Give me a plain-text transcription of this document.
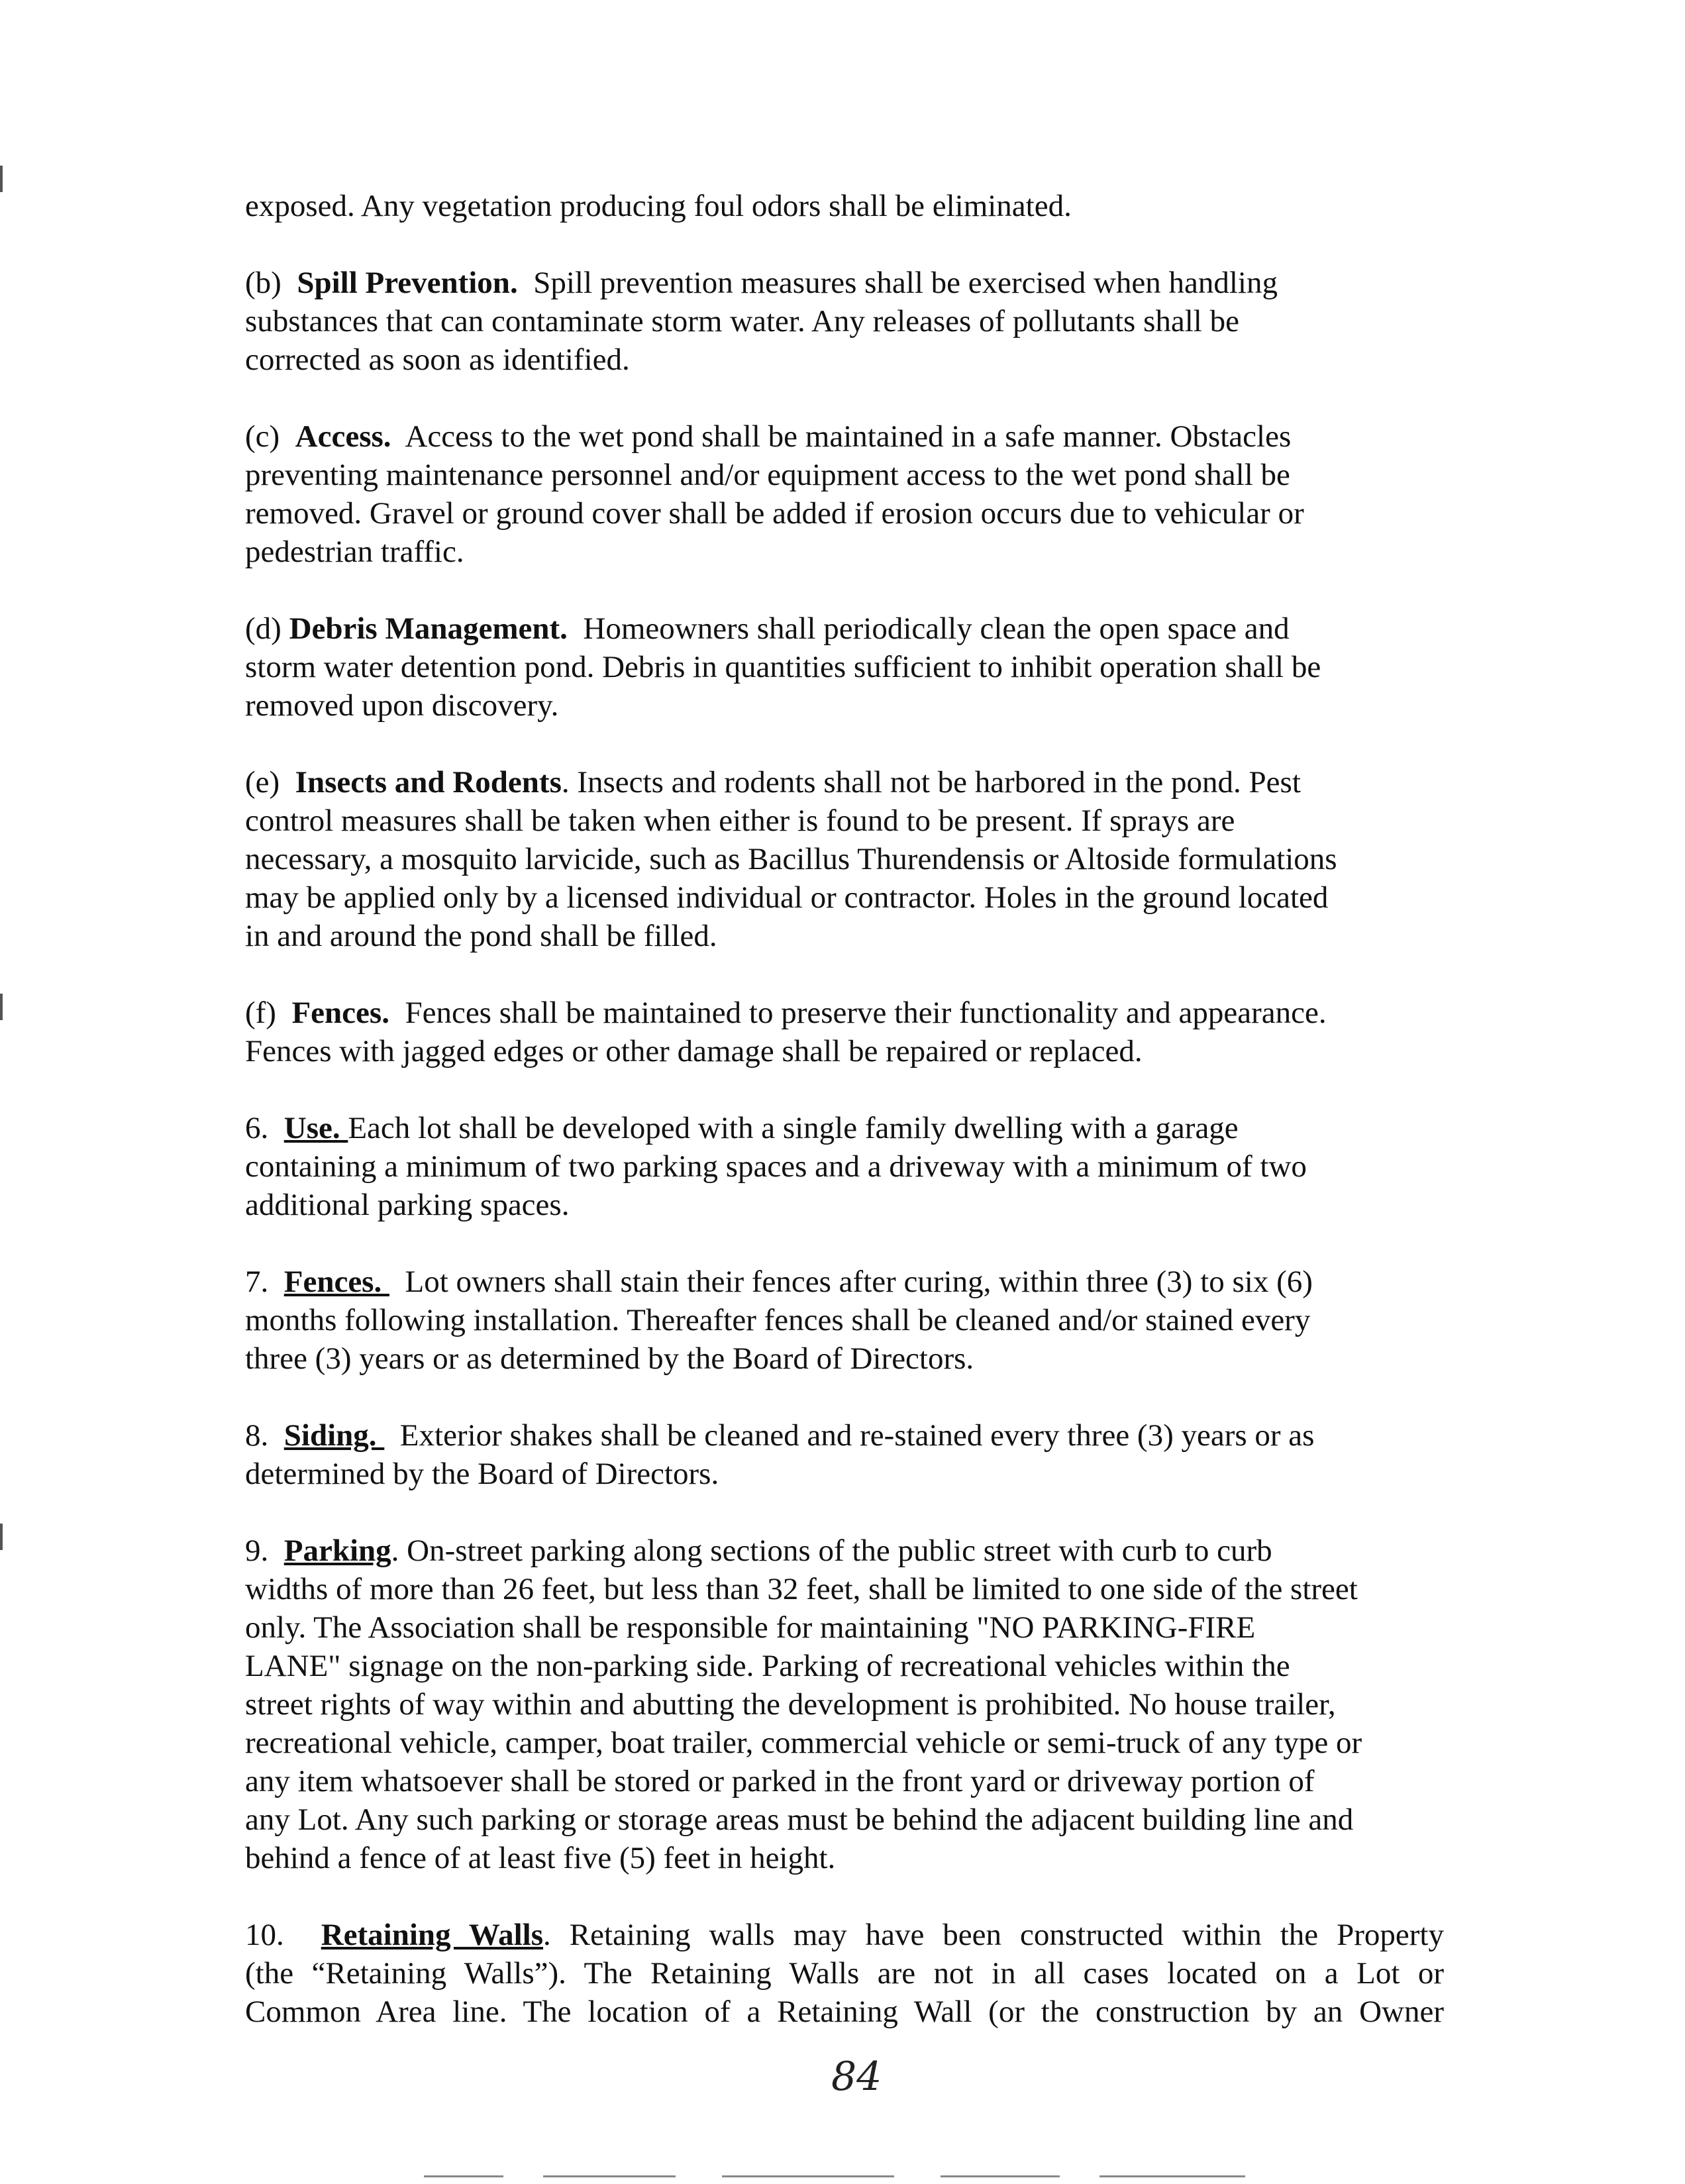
exposed. Any vegetation producing foul odors shall be eliminated.

(b) Spill Prevention. Spill prevention measures shall be exercised when handling
substances that can contaminate storm water. Any releases of pollutants shall be
corrected as soon as identified.

(c) Access. Access to the wet pond shall be maintained in a safe manner. Obstacles
preventing maintenance personnel and/or equipment access to the wet pond shall be
removed. Gravel or ground cover shall be added if erosion occurs due to vehicular or
pedestrian traffic.

(d) Debris Management. Homeowners shall periodically clean the open space and
storm water detention pond. Debris in quantities sufficient to inhibit operation shall be
removed upon discovery.

(e) Insects and Rodents. Insects and rodents shall not be harbored in the pond. Pest
control measures shall be taken when either is found to be present. If sprays are
necessary, a mosquito larvicide, such as Bacillus Thurendensis or Altoside formulations
may be applied only by a licensed individual or contractor. Holes in the ground located
in and around the pond shall be filled.

(f) Fences. Fences shall be maintained to preserve their functionality and appearance.
Fences with jagged edges or other damage shall be repaired or replaced.

6. Use. Each lot shall be developed with a single family dwelling with a garage
containing a minimum of two parking spaces and a driveway with a minimum of two
additional parking spaces.

7. Fences.   Lot owners shall stain their fences after curing, within three (3) to six (6)
months following installation. Thereafter fences shall be cleaned and/or stained every
three (3) years or as determined by the Board of Directors.

8. Siding.   Exterior shakes shall be cleaned and re-stained every three (3) years or as
determined by the Board of Directors.

9. Parking. On-street parking along sections of the public street with curb to curb
widths of more than 26 feet, but less than 32 feet, shall be limited to one side of the street
only. The Association shall be responsible for maintaining "NO PARKING-FIRE
LANE" signage on the non-parking side. Parking of recreational vehicles within the
street rights of way within and abutting the development is prohibited. No house trailer,
recreational vehicle, camper, boat trailer, commercial vehicle or semi-truck of any type or
any item whatsoever shall be stored or parked in the front yard or driveway portion of
any Lot. Any such parking or storage areas must be behind the adjacent building line and
behind a fence of at least five (5) feet in height.

10. Retaining Walls. Retaining walls may have been constructed within the Property
(the “Retaining Walls”). The Retaining Walls are not in all cases located on a Lot or
Common Area line. The location of a Retaining Wall (or the construction by an Owner

84
